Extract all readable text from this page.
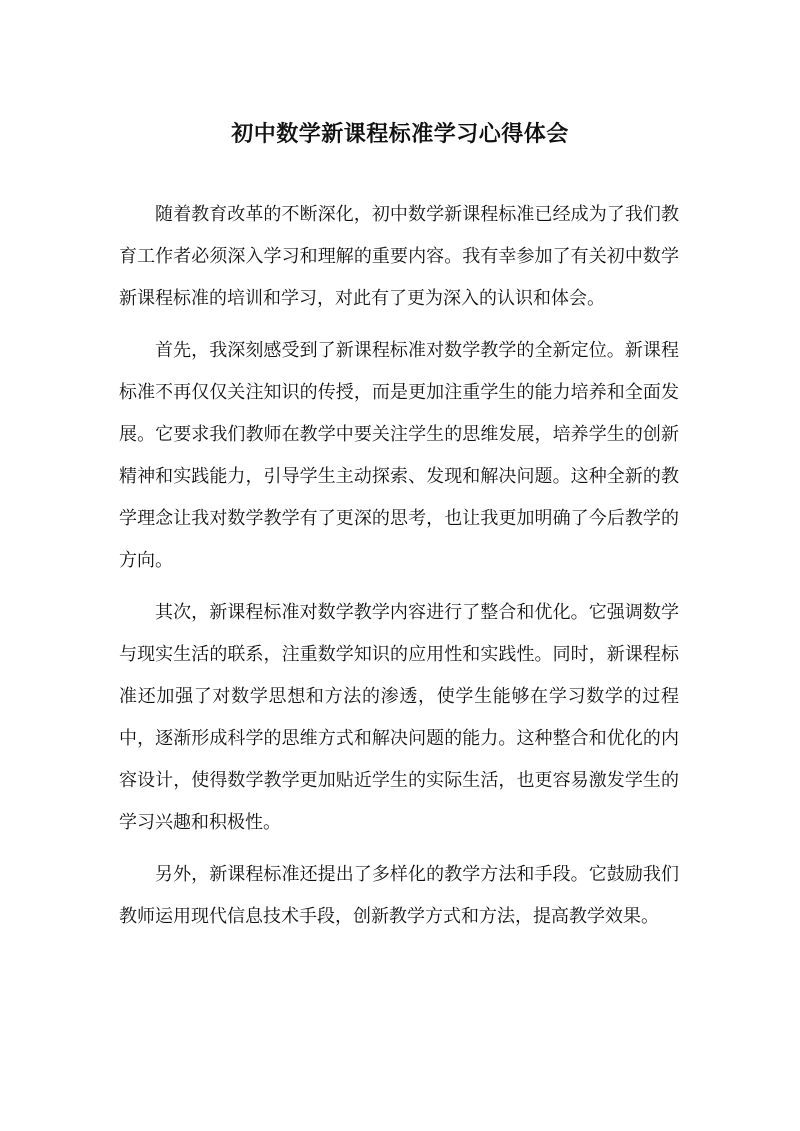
初中数学新课程标准学习心得体会

随着教育改革的不断深化，初中数学新课程标准已经成为了我们教育工作者必须深入学习和理解的重要内容。我有幸参加了有关初中数学新课程标准的培训和学习，对此有了更为深入的认识和体会。

首先，我深刻感受到了新课程标准对数学教学的全新定位。新课程标准不再仅仅关注知识的传授，而是更加注重学生的能力培养和全面发展。它要求我们教师在教学中要关注学生的思维发展，培养学生的创新精神和实践能力，引导学生主动探索、发现和解决问题。这种全新的教学理念让我对数学教学有了更深的思考，也让我更加明确了今后教学的方向。

其次，新课程标准对数学教学内容进行了整合和优化。它强调数学与现实生活的联系，注重数学知识的应用性和实践性。同时，新课程标准还加强了对数学思想和方法的渗透，使学生能够在学习数学的过程中，逐渐形成科学的思维方式和解决问题的能力。这种整合和优化的内容设计，使得数学教学更加贴近学生的实际生活，也更容易激发学生的学习兴趣和积极性。

另外，新课程标准还提出了多样化的教学方法和手段。它鼓励我们教师运用现代信息技术手段，创新教学方式和方法，提高教学效果。
